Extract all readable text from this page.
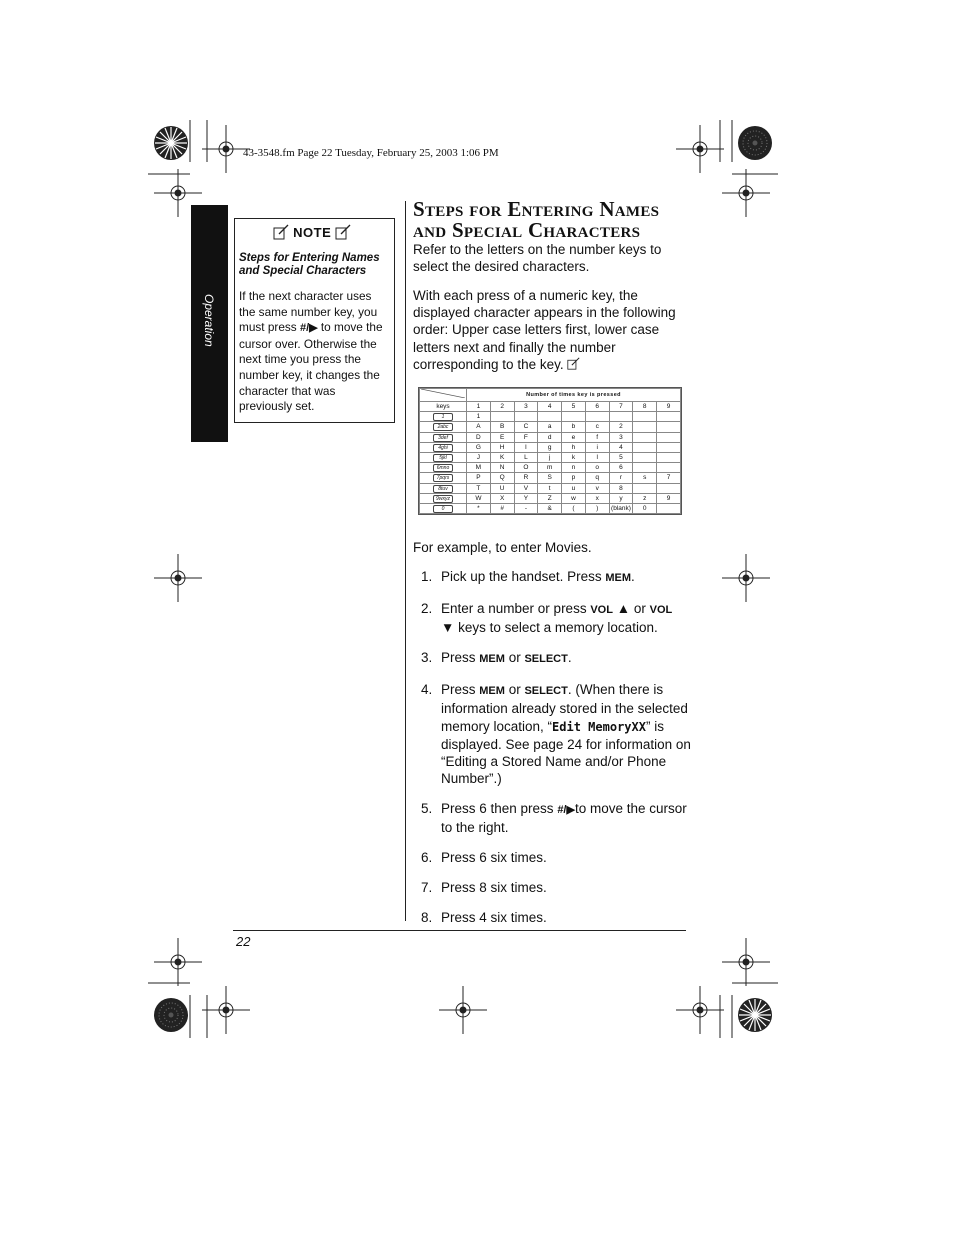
43-3548.fm Page 22 Tuesday, February 25, 2003 1:06 PM
Operation
NOTE
Steps for Entering Names and Special Characters
If the next character uses the same number key, you must press #/▶ to move the cursor over. Otherwise the next time you press the number key, it changes the character that was previously set.
Steps for Entering Names
and Special Characters
Refer to the letters on the number keys to select the desired characters.
With each press of a numeric key, the displayed character appears in the following order: Upper case letters first, lower case letters next and finally the number corresponding to the key.
	Number of times key is pressed								
keys	1	2	3	4	5	6	7	8	9
1	1								
2abc	A	B	C	a	b	c	2		
3def	D	E	F	d	e	f	3		
4ghi	G	H	I	g	h	i	4		
5jkl	J	K	L	j	k	l	5		
6mno	M	N	O	m	n	o	6		
7pqrs	P	Q	R	S	p	q	r	s	7
8tuv	T	U	V	t	u	v	8		
9wxyz	W	X	Y	Z	w	x	y	z	9
0	*	#	-	&	(	)	(blank)	0	
For example, to enter Movies.
1. Pick up the handset. Press MEM.
2. Enter a number or press VOL ▲ or VOL
▼ keys to select a memory location.
3. Press MEM or SELECT.
4. Press MEM or SELECT. (When there is information already stored in the selected memory location, “Edit MemoryXX” is displayed. See page 24 for information on “Editing a Stored Name and/or Phone Number”.)
5. Press 6 then press #/▶to move the cursor to the right.
6. Press 6 six times.
7. Press 8 six times.
8. Press 4 six times.
22
